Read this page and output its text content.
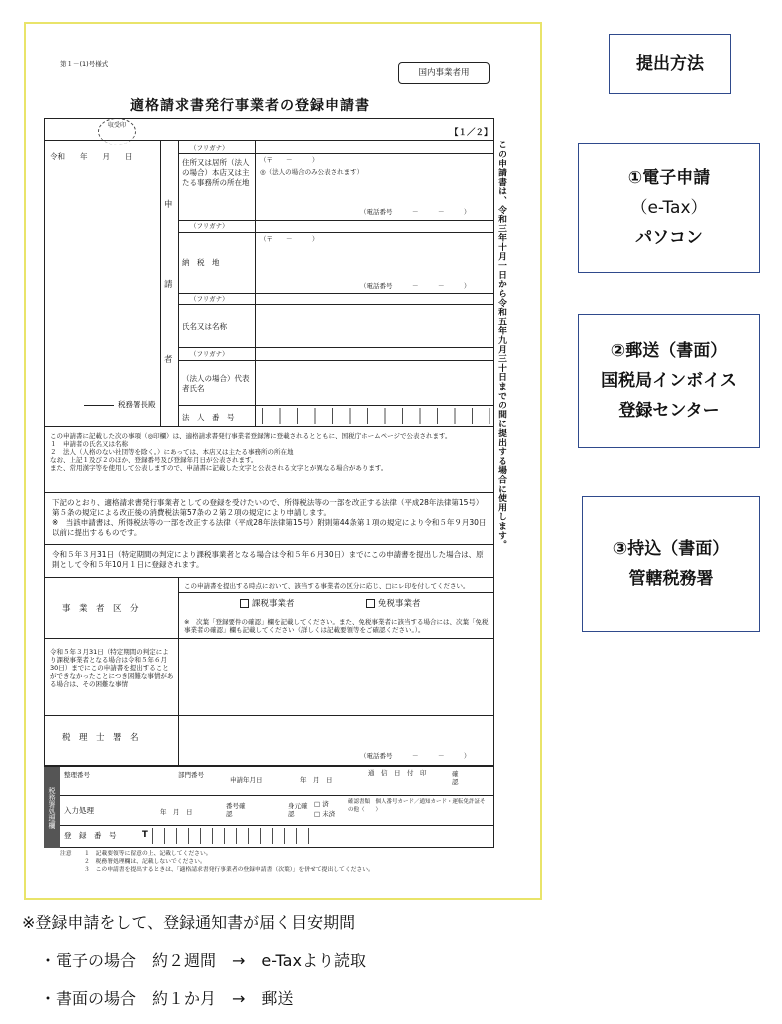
第１－(1)号様式
国内事業者用
適格請求書発行事業者の登録申請書
収受印
【１／２】
令和　　年　　月　　日
申
請
者
（フリガナ）
住所又は居所（法人の場合）本店又は主たる事務所の所在地
（〒　　－　　　）
◎（法人の場合のみ公表されます）
（電話番号　　　－　　　－　　　）
（フリガナ）
（〒　　－　　　）
納　税　地
（電話番号　　　－　　　－　　　）
（フリガナ）
氏名又は名称
（フリガナ）
（法人の場合）代表者氏名
法　人　番　号
税務署長殿
この申請書に記載した次の事項（◎印欄）は、適格請求書発行事業者登録簿に登載されるとともに、国税庁ホームページで公表されます。
１　申請者の氏名又は名称
２　法人（人格のない社団等を除く。）にあっては、本店又は主たる事務所の所在地
なお、上記１及び２のほか、登録番号及び登録年月日が公表されます。
また、常用漢字等を使用して公表しますので、申請書に記載した文字と公表される文字とが異なる場合があります。
下記のとおり、適格請求書発行事業者としての登録を受けたいので、所得税法等の一部を改正する法律（平成28年法律第15号）第５条の規定による改正後の消費税法第57条の２第２項の規定により申請します。
※　当該申請書は、所得税法等の一部を改正する法律（平成28年法律第15号）附則第44条第１項の規定により令和５年９月30日以前に提出するものです。
令和５年３月31日（特定期間の判定により課税事業者となる場合は令和５年６月30日）までにこの申請書を提出した場合は、原則として令和５年10月１日に登録されます。
この申請書を提出する時点において、該当する事業者の区分に応じ、□にレ印を付してください。
事　業　者　区　分	課税事業者	免税事業者
※　次葉「登録要件の確認」欄を記載してください。また、免税事業者に該当する場合には、次葉「免税事業者の確認」欄も記載してください（詳しくは記載要領等をご確認ください。）。
令和５年３月31日（特定期間の判定により課税事業者となる場合は令和５年６月30日）までにこの申請書を提出することができなかったことにつき困難な事情がある場合は、その困難な事情
税　理　士　署　名
（電話番号　　　－　　　－　　　）
税務署処理欄
整理番号	部門番号
申請年月日	年　月　日
通　信　日　付　印	確認
入力処理	年　月　日
番号確認
身元確認
□ 済
□ 未済
確認書類　個人番号カード／通知カード・運転免許証その他（　　）
登　録　番　号	T
注意 １　記載要領等に留意の上、記載してください。
２　税務署処理欄は、記載しないでください。
３　この申請書を提出するときは、「適格請求書発行事業者の登録申請書（次葉）」を併せて提出してください。
この申請書は、令和三年十月一日から令和五年九月三十日までの間に提出する場合に使用します。
提出方法
①電子申請
（e-Tax）
パソコン
②郵送（書面）
国税局インボイス
登録センター
③持込（書面）
管轄税務署
※登録申請をして、登録通知書が届く目安期間
・電子の場合　約２週間　→　e-Taxより読取
・書面の場合　約１か月　→　郵送
